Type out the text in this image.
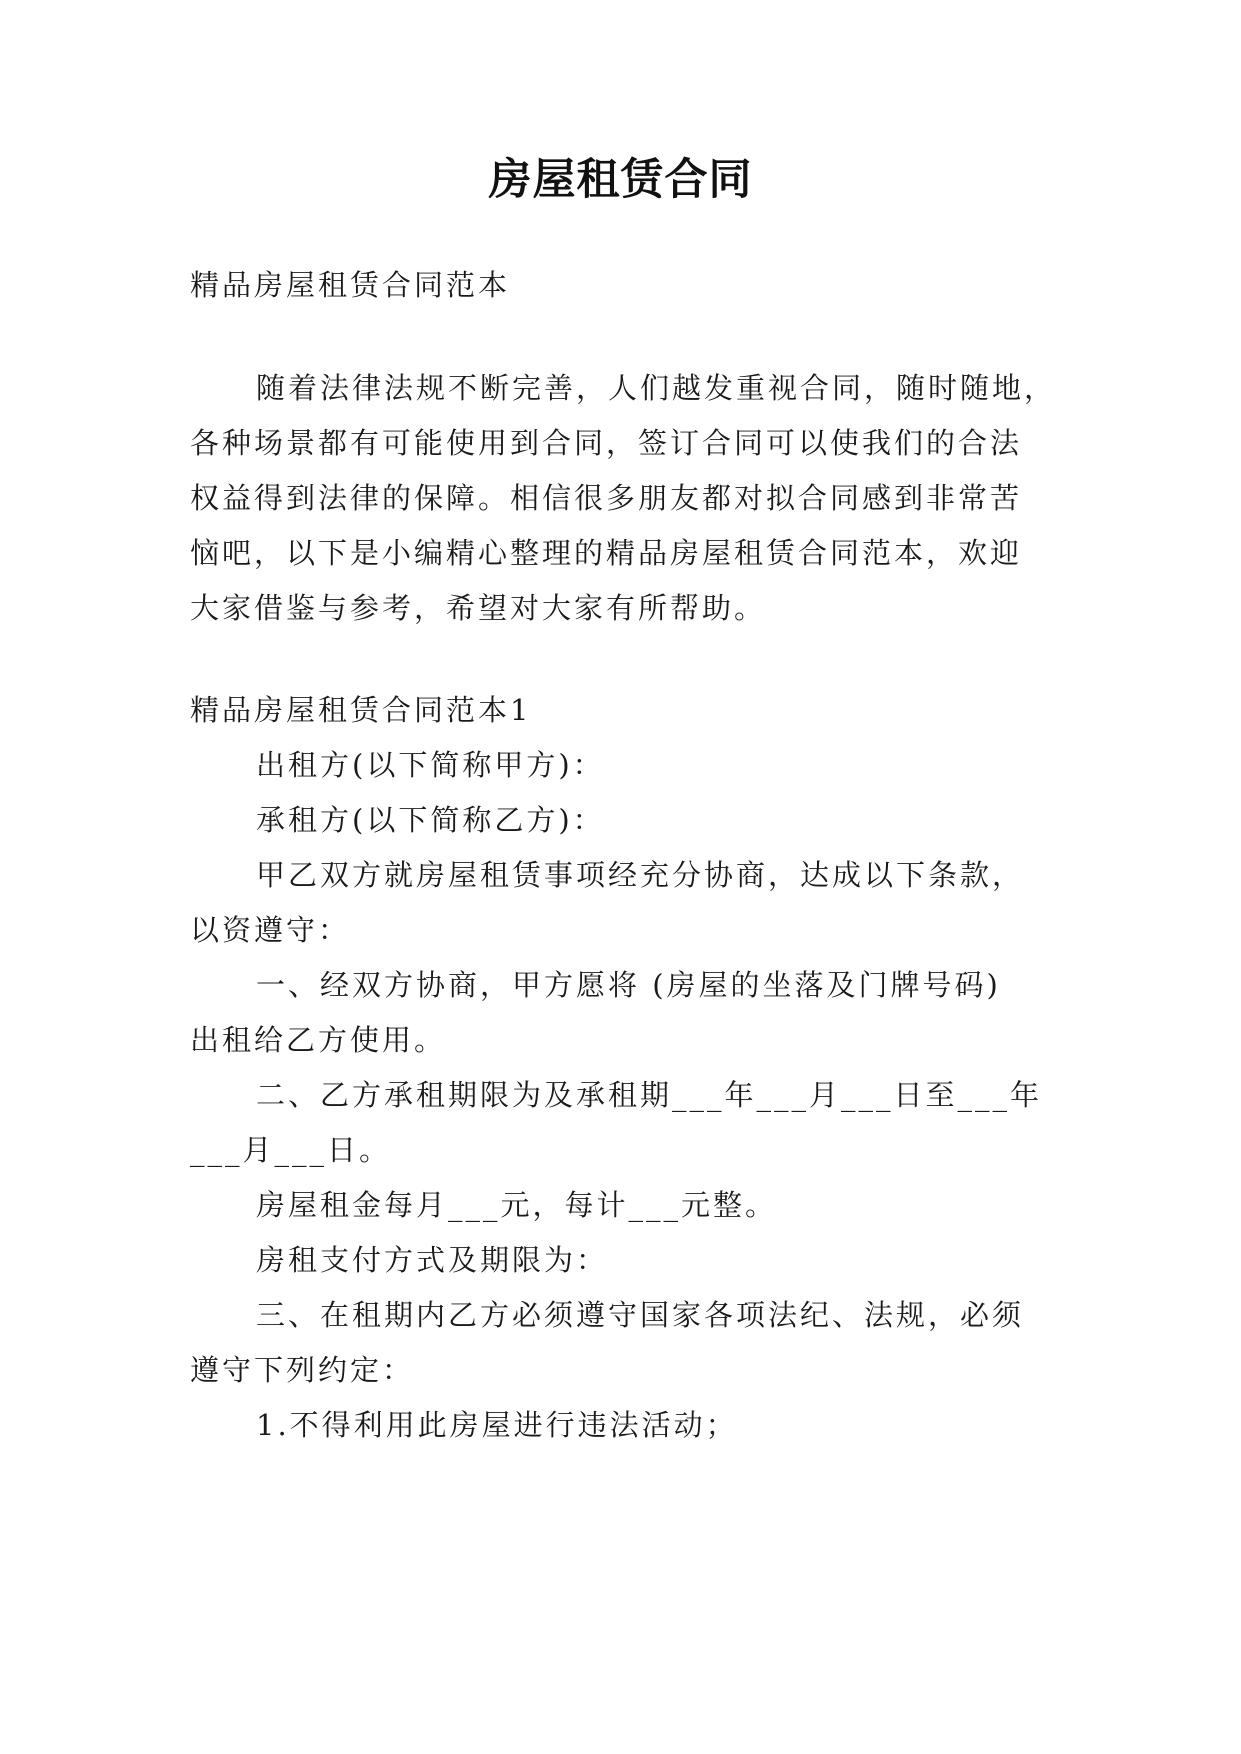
房屋租赁合同
精品房屋租赁合同范本
随着法律法规不断完善，人们越发重视合同，随时随地，
各种场景都有可能使用到合同，签订合同可以使我们的合法
权益得到法律的保障。相信很多朋友都对拟合同感到非常苦
恼吧，以下是小编精心整理的精品房屋租赁合同范本，欢迎
大家借鉴与参考，希望对大家有所帮助。
精品房屋租赁合同范本1
出租方(以下简称甲方)：
承租方(以下简称乙方)：
甲乙双方就房屋租赁事项经充分协商，达成以下条款，
以资遵守：
一、经双方协商，甲方愿将 (房屋的坐落及门牌号码)
出租给乙方使用。
二、乙方承租期限为及承租期___年___月___日至___年
___月___日。
房屋租金每月___元，每计___元整。
房租支付方式及期限为：
三、在租期内乙方必须遵守国家各项法纪、法规，必须
遵守下列约定：
1.不得利用此房屋进行违法活动；
